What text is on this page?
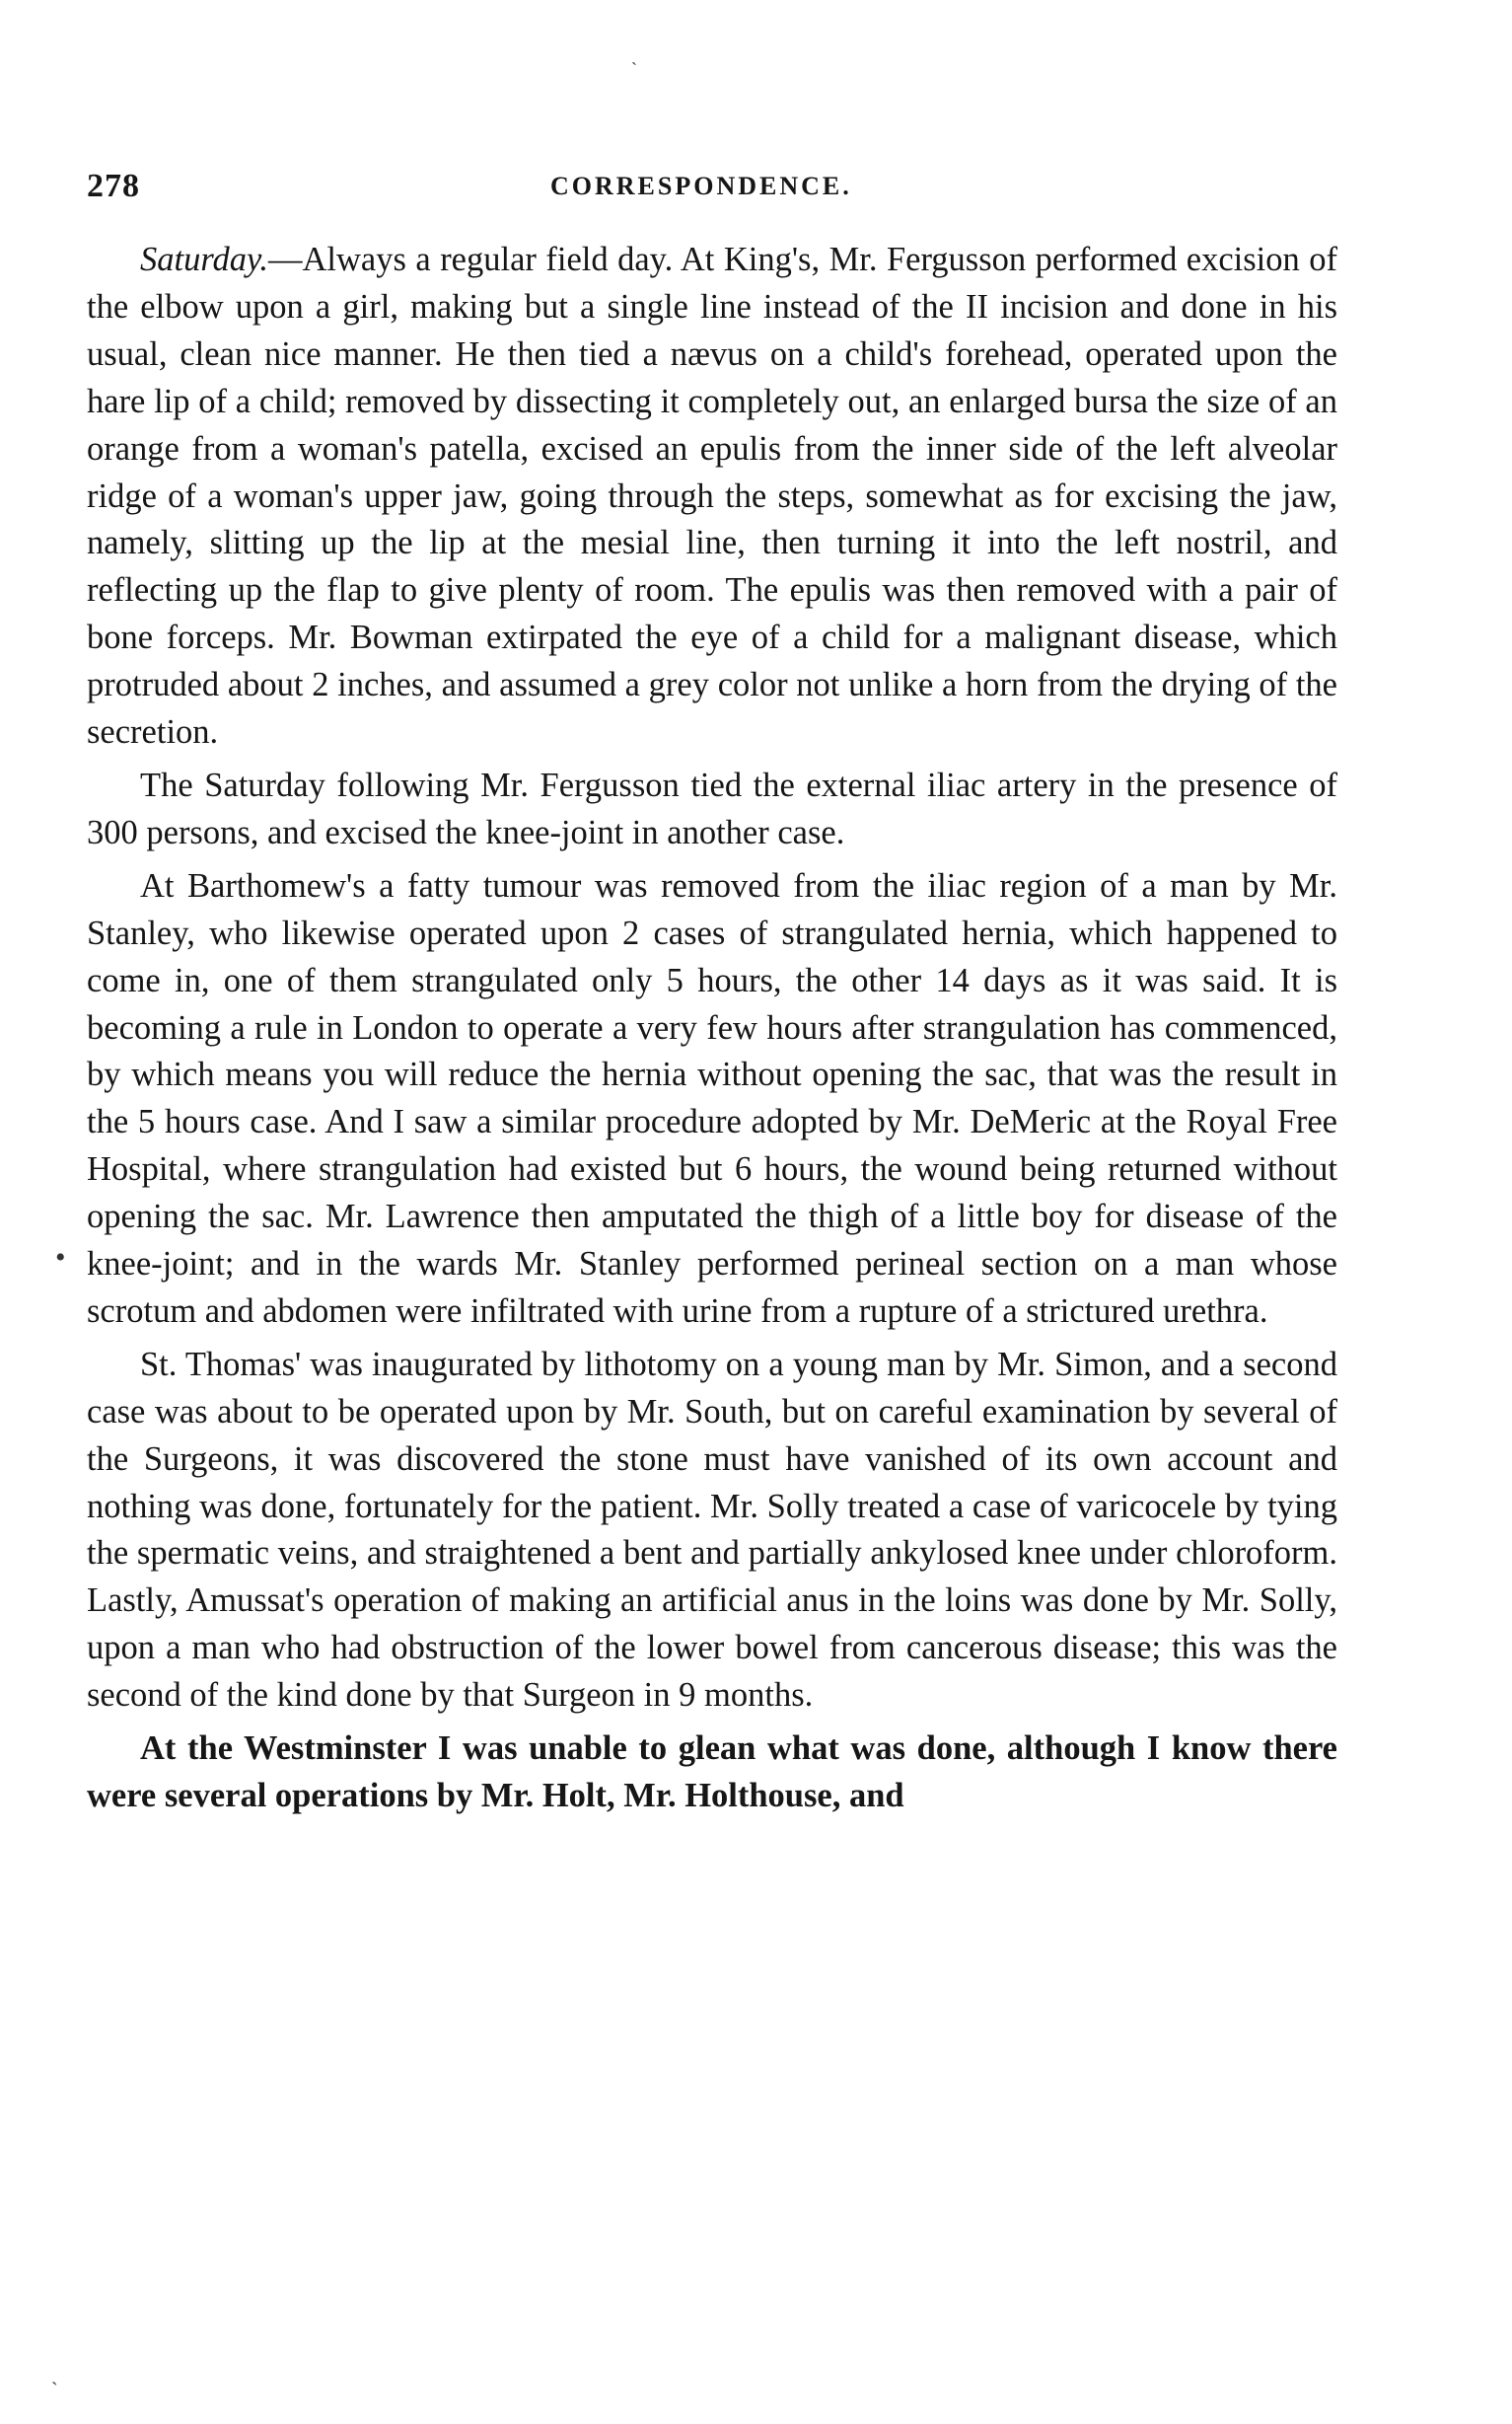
278	CORRESPONDENCE.

Saturday.—Always a regular field day. At King's, Mr. Fergusson performed excision of the elbow upon a girl, making but a single line instead of the II incision and done in his usual, clean nice manner. He then tied a nævus on a child's forehead, operated upon the hare lip of a child; removed by dissecting it completely out, an enlarged bursa the size of an orange from a woman's patella, excised an epulis from the inner side of the left alveolar ridge of a woman's upper jaw, going through the steps, somewhat as for excising the jaw, namely, slitting up the lip at the mesial line, then turning it into the left nostril, and reflecting up the flap to give plenty of room. The epulis was then removed with a pair of bone forceps. Mr. Bowman extirpated the eye of a child for a malignant disease, which protruded about 2 inches, and assumed a grey color not unlike a horn from the drying of the secretion.

The Saturday following Mr. Fergusson tied the external iliac artery in the presence of 300 persons, and excised the knee-joint in another case.

At Barthomew's a fatty tumour was removed from the iliac region of a man by Mr. Stanley, who likewise operated upon 2 cases of strangulated hernia, which happened to come in, one of them strangulated only 5 hours, the other 14 days as it was said. It is becoming a rule in London to operate a very few hours after strangulation has commenced, by which means you will reduce the hernia without opening the sac, that was the result in the 5 hours case. And I saw a similar procedure adopted by Mr. DeMeric at the Royal Free Hospital, where strangulation had existed but 6 hours, the wound being returned without opening the sac. Mr. Lawrence then amputated the thigh of a little boy for disease of the knee-joint; and in the wards Mr. Stanley performed perineal section on a man whose scrotum and abdomen were infiltrated with urine from a rupture of a strictured urethra.

St. Thomas' was inaugurated by lithotomy on a young man by Mr. Simon, and a second case was about to be operated upon by Mr. South, but on careful examination by several of the Surgeons, it was discovered the stone must have vanished of its own account and nothing was done, fortunately for the patient. Mr. Solly treated a case of varicocele by tying the spermatic veins, and straightened a bent and partially ankylosed knee under chloroform. Lastly, Amussat's operation of making an artificial anus in the loins was done by Mr. Solly, upon a man who had obstruction of the lower bowel from cancerous disease; this was the second of the kind done by that Surgeon in 9 months.

At the Westminster I was unable to glean what was done, although I know there were several operations by Mr. Holt, Mr. Holthouse, and

ˋ
•
ˏ
